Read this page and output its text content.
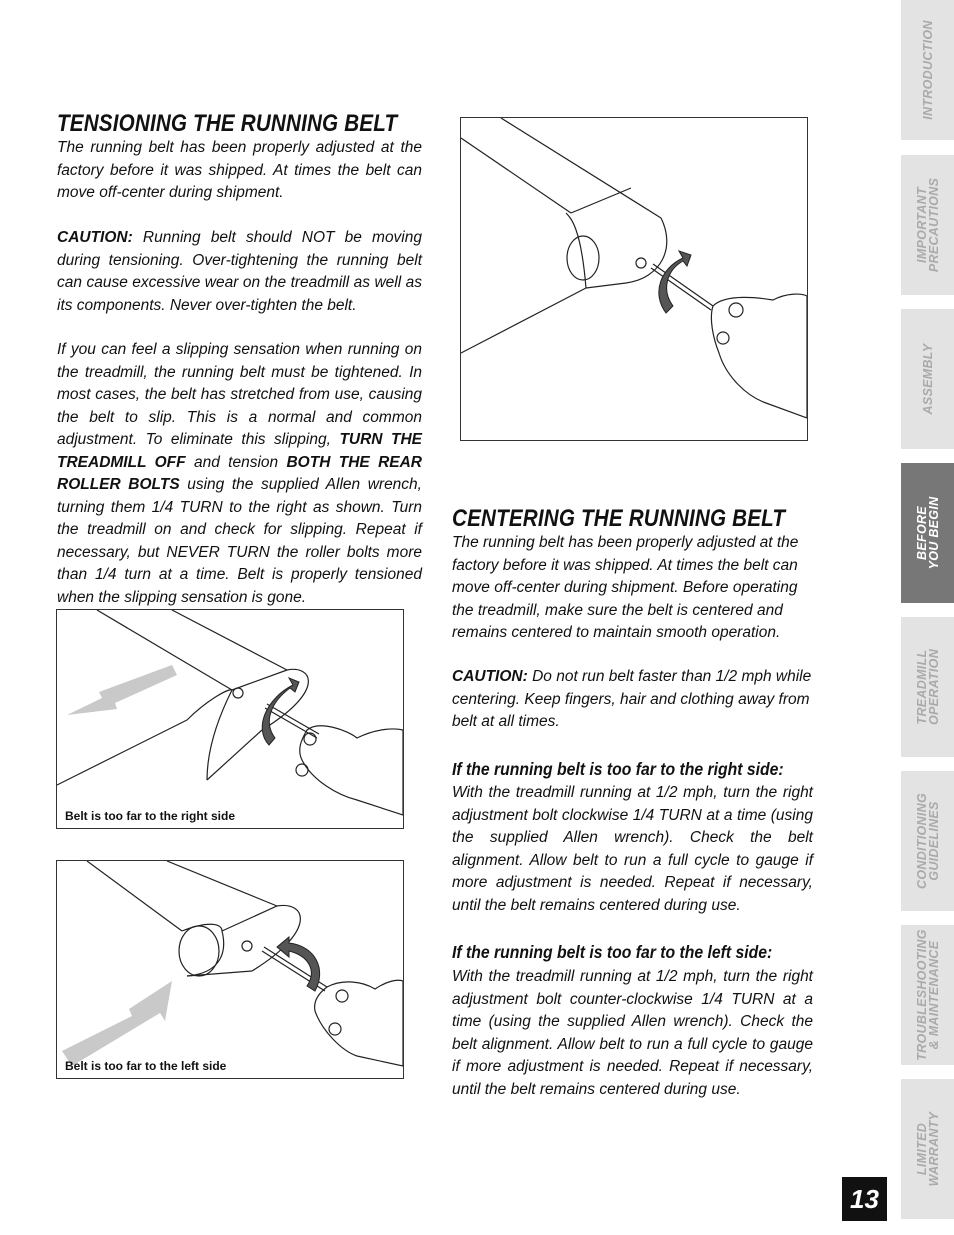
TENSIONING THE RUNNING BELT

The running belt has been properly adjusted at the factory before it was shipped. At times the belt can move off-center during shipment.

CAUTION: Running belt should NOT be moving during tensioning. Over-tightening the running belt can cause excessive wear on the treadmill as well as its components. Never over-tighten the belt.

If you can feel a slipping sensation when running on the treadmill, the running belt must be tightened. In most cases, the belt has stretched from use, causing the belt to slip. This is a normal and common adjustment. To eliminate this slipping, TURN THE TREADMILL OFF and tension BOTH THE REAR ROLLER BOLTS using the supplied Allen wrench, turning them 1/4 TURN to the right as shown. Turn the treadmill on and check for slipping. Repeat if necessary, but NEVER TURN the roller bolts more than 1/4 turn at a time. Belt is properly tensioned when the slipping sensation is gone.

Belt is too far to the right side
Belt is too far to the left side
CENTERING THE RUNNING BELT

The running belt has been properly adjusted at the factory before it was shipped. At times the belt can move off-center during shipment. Before operating the treadmill, make sure the belt is centered and remains centered to maintain smooth operation.

CAUTION: Do not run belt faster than 1/2 mph while centering. Keep fingers, hair and clothing away from belt at all times.

If the running belt is too far to the right side:

With the treadmill running at 1/2 mph, turn the right adjustment bolt clockwise 1/4 TURN at a time (using the supplied Allen wrench). Check the belt alignment. Allow belt to run a full cycle to gauge if more adjustment is needed. Repeat if necessary, until the belt remains centered during use.

If the running belt is too far to the left side:

With the treadmill running at 1/2 mph, turn the right adjustment bolt counter-clockwise 1/4 TURN at a time (using the supplied Allen wrench). Check the belt alignment. Allow belt to run a full cycle to gauge if more adjustment is needed. Repeat if necessary, until the belt remains centered during use.

INTRODUCTION
IMPORTANT
PRECAUTIONS
ASSEMBLY
BEFORE
YOU BEGIN
TREADMILL
OPERATION
CONDITIONING
GUIDELINES
TROUBLESHOOTING
& MAINTENANCE
LIMITED
WARRANTY
13
